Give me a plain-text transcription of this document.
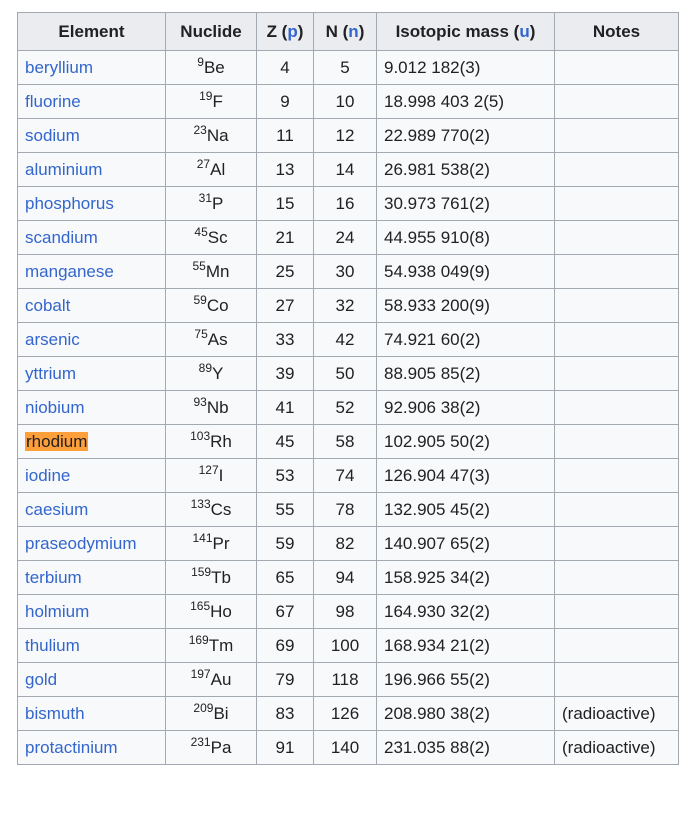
Element	Nuclide	Z (p)	N (n)	Isotopic mass (u)	Notes
beryllium	$^9$Be	4	5	9.012 182(3)	
fluorine	$^{19}$F	9	10	18.998 403 2(5)	
sodium	$^{23}$Na	11	12	22.989 770(2)	
aluminium	$^{27}$Al	13	14	26.981 538(2)	
phosphorus	$^{31}$P	15	16	30.973 761(2)	
scandium	$^{45}$Sc	21	24	44.955 910(8)	
manganese	$^{55}$Mn	25	30	54.938 049(9)	
cobalt	$^{59}$Co	27	32	58.933 200(9)	
arsenic	$^{75}$As	33	42	74.921 60(2)	
yttrium	$^{89}$Y	39	50	88.905 85(2)	
niobium	$^{93}$Nb	41	52	92.906 38(2)	
rhodium	$^{103}$Rh	45	58	102.905 50(2)	
iodine	$^{127}$I	53	74	126.904 47(3)	
caesium	$^{133}$Cs	55	78	132.905 45(2)	
praseodymium	$^{141}$Pr	59	82	140.907 65(2)	
terbium	$^{159}$Tb	65	94	158.925 34(2)	
holmium	$^{165}$Ho	67	98	164.930 32(2)	
thulium	$^{169}$Tm	69	100	168.934 21(2)	
gold	$^{197}$Au	79	118	196.966 55(2)	
bismuth	$^{209}$Bi	83	126	208.980 38(2)	(radioactive)
protactinium	$^{231}$Pa	91	140	231.035 88(2)	(radioactive)
